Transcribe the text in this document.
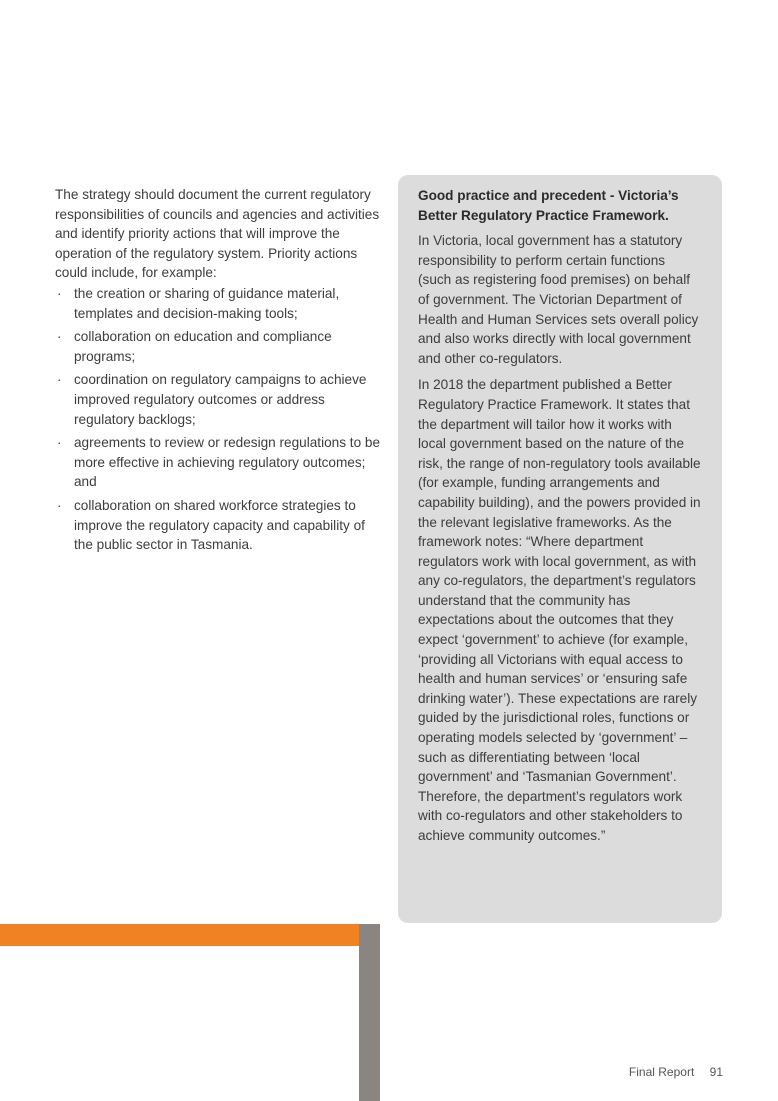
The strategy should document the current regulatory responsibilities of councils and agencies and activities and identify priority actions that will improve the operation of the regulatory system. Priority actions could include, for example:

· the creation or sharing of guidance material, templates and decision-making tools;
· collaboration on education and compliance programs;
· coordination on regulatory campaigns to achieve improved regulatory outcomes or address regulatory backlogs;
· agreements to review or redesign regulations to be more effective in achieving regulatory outcomes; and
· collaboration on shared workforce strategies to improve the regulatory capacity and capability of the public sector in Tasmania.
Good practice and precedent - Victoria’s Better Regulatory Practice Framework.

In Victoria, local government has a statutory responsibility to perform certain functions (such as registering food premises) on behalf of government. The Victorian Department of Health and Human Services sets overall policy and also works directly with local government and other co-regulators.

In 2018 the department published a Better Regulatory Practice Framework. It states that the department will tailor how it works with local government based on the nature of the risk, the range of non-regulatory tools available (for example, funding arrangements and capability building), and the powers provided in the relevant legislative frameworks. As the framework notes: “Where department regulators work with local government, as with any co-regulators, the department’s regulators understand that the community has expectations about the outcomes that they expect ‘government’ to achieve (for example, ‘providing all Victorians with equal access to health and human services’ or ‘ensuring safe drinking water’). These expectations are rarely guided by the jurisdictional roles, functions or operating models selected by ‘government’ – such as differentiating between ‘local government’ and ‘Tasmanian Government’. Therefore, the department’s regulators work with co-regulators and other stakeholders to achieve community outcomes.”

Final Report 91
